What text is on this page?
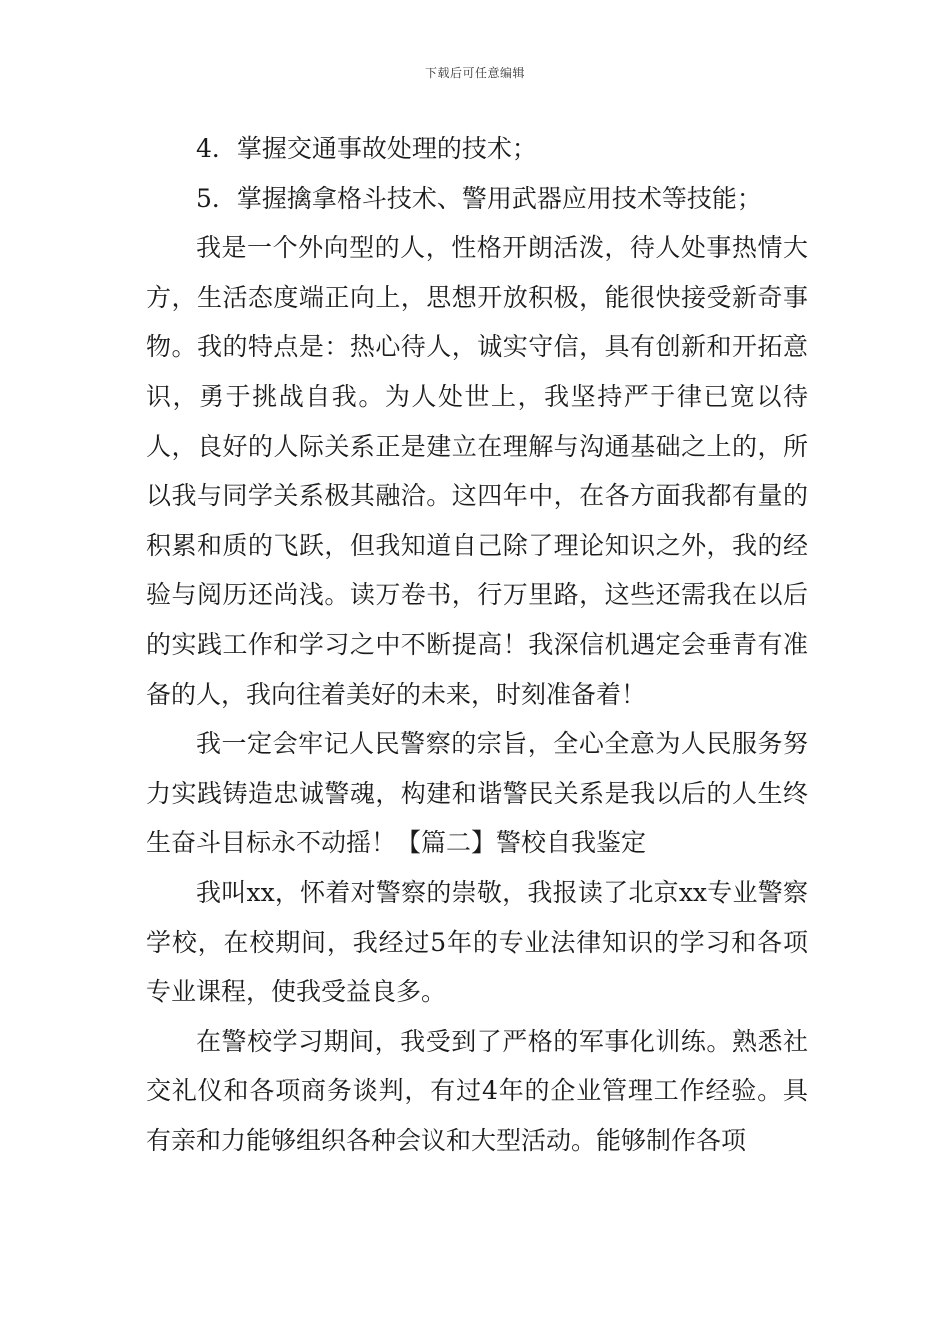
下载后可任意编辑

4．掌握交通事故处理的技术；

5．掌握擒拿格斗技术、警用武器应用技术等技能；

我是一个外向型的人，性格开朗活泼，待人处事热情大方，生活态度端正向上，思想开放积极，能很快接受新奇事物。我的特点是：热心待人，诚实守信，具有创新和开拓意识，勇于挑战自我。为人处世上，我坚持严于律已宽以待人，良好的人际关系正是建立在理解与沟通基础之上的，所以我与同学关系极其融洽。这四年中，在各方面我都有量的积累和质的飞跃，但我知道自己除了理论知识之外，我的经验与阅历还尚浅。读万卷书，行万里路，这些还需我在以后的实践工作和学习之中不断提高！我深信机遇定会垂青有准备的人，我向往着美好的未来，时刻准备着！

我一定会牢记人民警察的宗旨，全心全意为人民服务努力实践铸造忠诚警魂，构建和谐警民关系是我以后的人生终生奋斗目标永不动摇！【篇二】警校自我鉴定

我叫xx，怀着对警察的崇敬，我报读了北京xx专业警察学校，在校期间，我经过5年的专业法律知识的学习和各项专业课程，使我受益良多。

在警校学习期间，我受到了严格的军事化训练。熟悉社交礼仪和各项商务谈判，有过4年的企业管理工作经验。具有亲和力能够组织各种会议和大型活动。能够制作各项
